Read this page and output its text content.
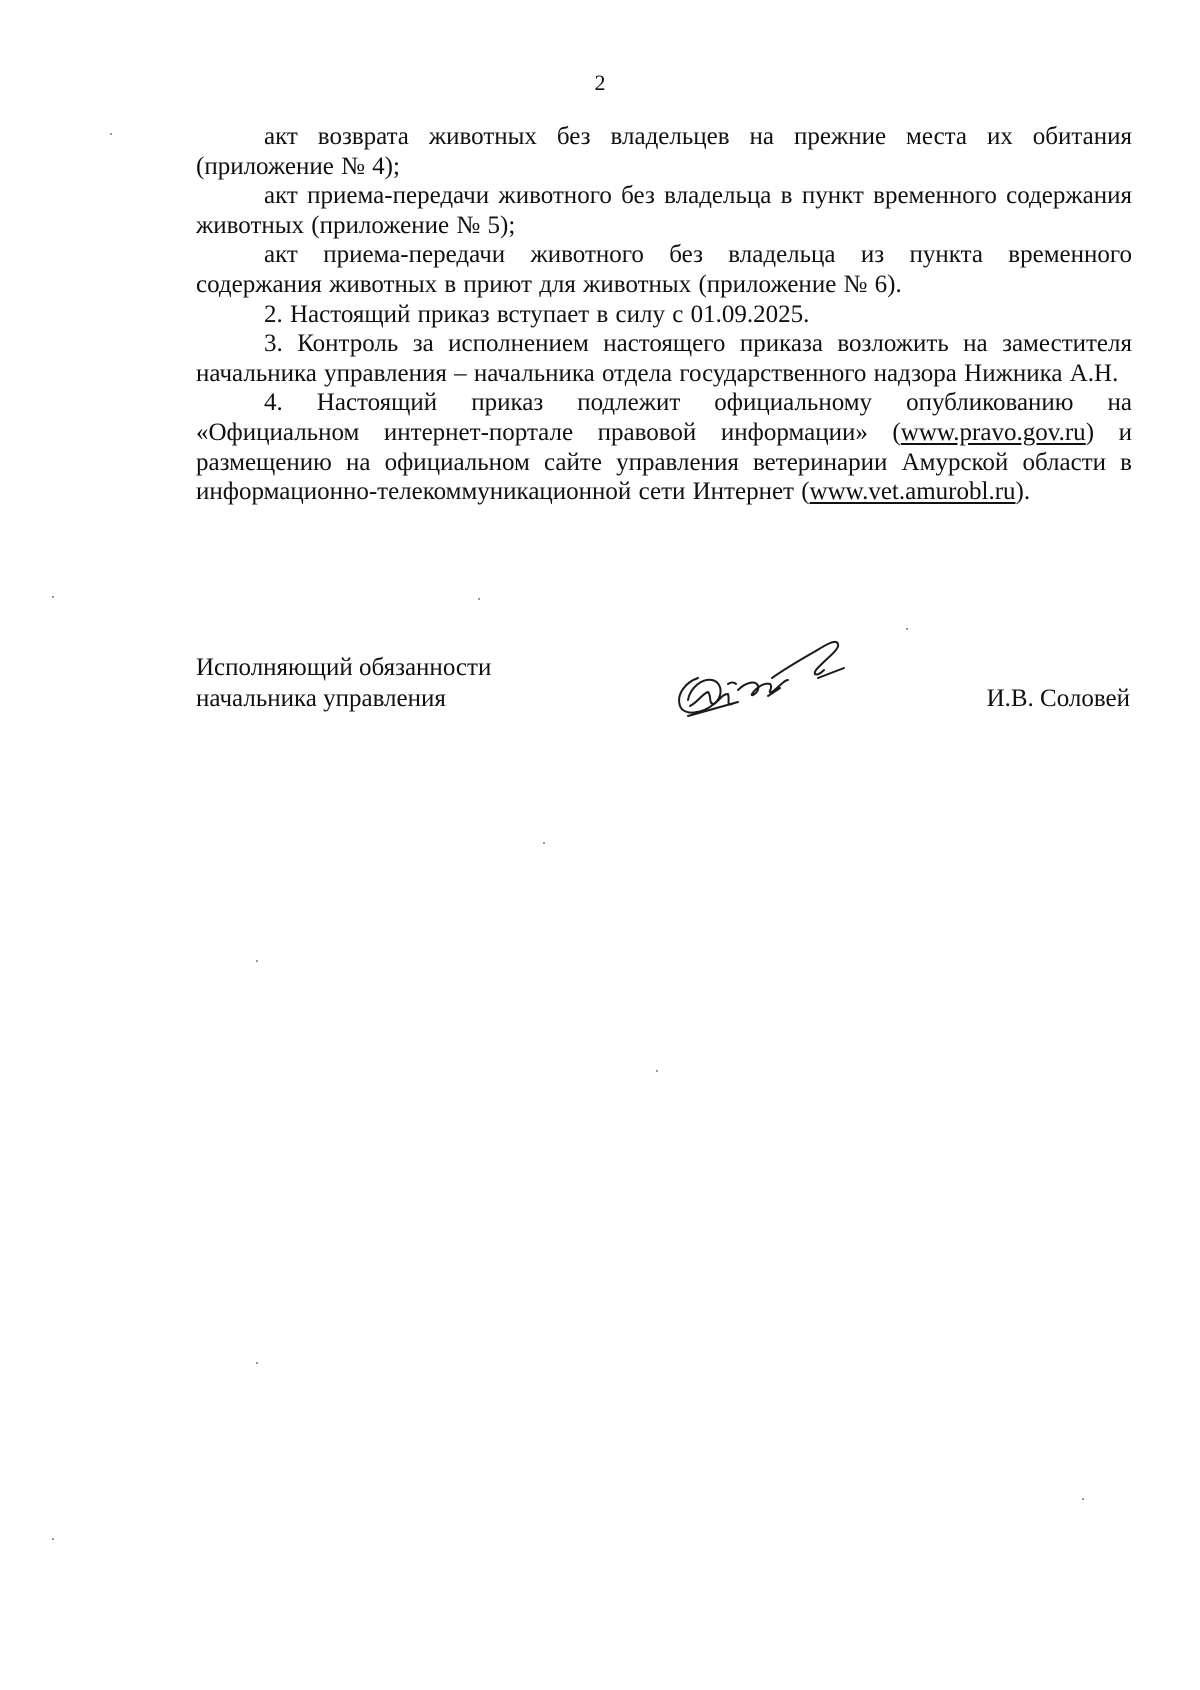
2

акт возврата животных без владельцев на прежние места их обитания (приложение № 4);

акт приема-передачи животного без владельца в пункт временного содержания животных (приложение № 5);

акт приема-передачи животного без владельца из пункта временного содержания животных в приют для животных (приложение № 6).

2. Настоящий приказ вступает в силу с 01.09.2025.

3. Контроль за исполнением настоящего приказа возложить на заместителя начальника управления – начальника отдела государственного надзора Нижника А.Н.

4. Настоящий приказ подлежит официальному опубликованию на «Официальном интернет-портале правовой информации» (www.pravo.gov.ru) и размещению на официальном сайте управления ветеринарии Амурской области в информационно-телекоммуникационной сети Интернет (www.vet.amurobl.ru).

Исполняющий обязанности
начальника управления	И.В. Соловей
